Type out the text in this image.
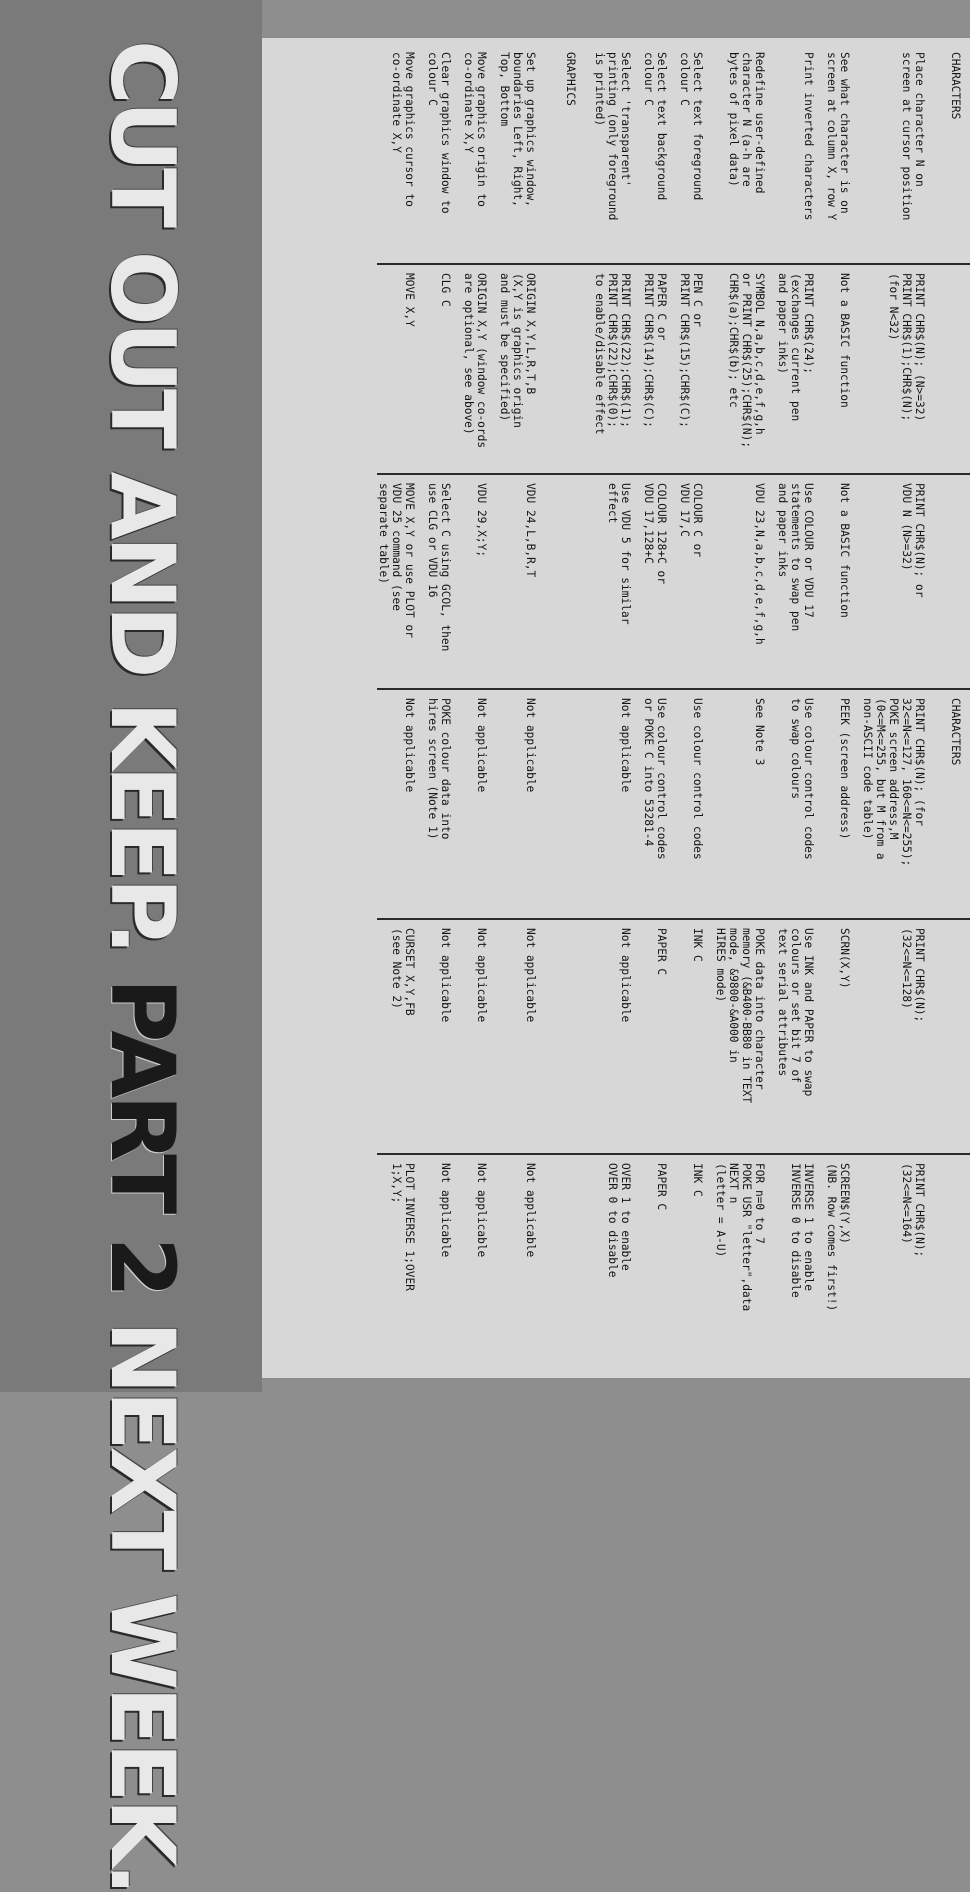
CUT OUT AND KEEP. PART 2 NEXT WEEK.
CHARACTERS			CHARACTERS		
Place character N on
screen at cursor position	PRINT CHR$(N); (N>=32)
PRINT CHR$(1);CHR$(N);
(for N<32)	PRINT CHR$(N); or
VDU N (N>=32)	PRINT CHR$(N); (for
32<=N<=127, 160<=N<=255);
POKE screen address,M
(0<=M<=255, but M from a
non-ASCII code table)	PRINT CHR$(N);
(32<=N<=128)	PRINT CHR$(N);
(32<=N<=164)
See what character is on
screen at column X, row Y	Not a BASIC function	Not a BASIC function	PEEK (screen address)	SCRN(X,Y)	SCREEN$(Y,X)
(NB. Row comes first!)
Print inverted characters	PRINT CHR$(24);
(exchanges current pen
and paper inks)	Use COLOUR or VDU 17
statements to swap pen
and paper inks	Use colour control codes
to swap colours	Use INK and PAPER to swap
colours or set bit 7 of
text serial attributes	INVERSE 1 to enable
INVERSE 0 to disable
Redefine user-defined
character N (a-h are
bytes of pixel data)	SYMBOL N,a,b,c,d,e,f,g,h
or PRINT CHR$(25);CHR$(N);
CHR$(a);CHR$(b); etc	VDU 23,N,a,b,c,d,e,f,g,h	See Note 3	POKE data into character
memory (&B400-BB80 in TEXT
mode, &9800-&A000 in
HIRES mode)	FOR n=0 to 7
POKE USR "letter",data
NEXT n
(letter = A-U)
Select text foreground
colour C	PEN C or
PRINT CHR$(15);CHR$(C);	COLOUR C or
VDU 17,C	Use colour control codes	INK C	INK C
Select text background
colour C	PAPER C or
PRINT CHR$(14);CHR$(C);	COLOUR 128+C or
VDU 17,128+C	Use colour control codes
or POKE C into 53281-4	PAPER C	PAPER C
Select 'transparent'
printing (only foreground
is printed)	PRINT CHR$(22);CHR$(1);
PRINT CHR$(22);CHR$(0);
to enable/disable effect	Use VDU 5 for similar
effect	Not applicable	Not applicable	OVER 1 to enable
OVER 0 to disable
GRAPHICS					
Set up graphics window,
boundaries Left, Right,
Top, Bottom	ORIGIN X,Y,L,R,T,B
(X,Y is graphics origin
and must be specified)	VDU 24,L,B,R,T	Not applicable	Not applicable	Not applicable
Move graphics origin to
co-ordinate X,Y	ORIGIN X,Y (window co-ords
are optional, see above)	VDU 29,X;Y;	Not applicable	Not applicable	Not applicable
Clear graphics window to
colour C	CLG C	Select C using GCOL, then
use CLG or VDU 16	POKE colour data into
hires screen (Note 1)	Not applicable	Not applicable
Move graphics cursor to
co-ordinate X,Y	MOVE X,Y	MOVE X,Y or use PLOT or
VDU 25 command (see
separate table)	Not applicable	CURSET X,Y,FB
(see Note 2)	PLOT INVERSE 1;OVER
1;X,Y;
